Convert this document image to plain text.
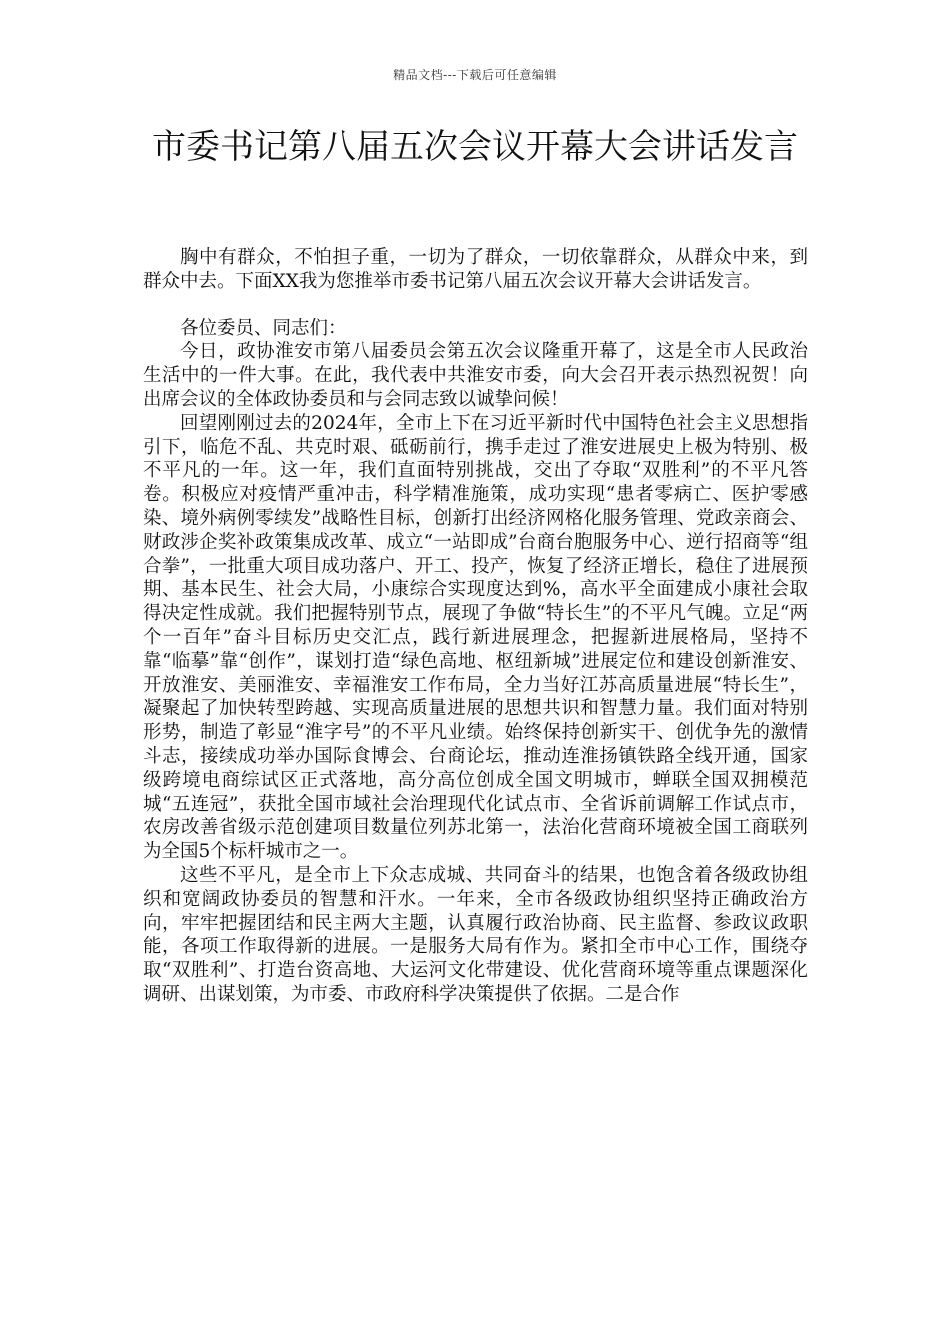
精品文档---下载后可任意编辑
市委书记第八届五次会议开幕大会讲话发言

胸中有群众，不怕担子重，一切为了群众，一切依靠群众，从群众中来，到群众中去。下面XX我为您推举市委书记第八届五次会议开幕大会讲话发言。

各位委员、同志们：

今日，政协淮安市第八届委员会第五次会议隆重开幕了，这是全市人民政治生活中的一件大事。在此，我代表中共淮安市委，向大会召开表示热烈祝贺！向出席会议的全体政协委员和与会同志致以诚挚问候！

回望刚刚过去的2024年，全市上下在习近平新时代中国特色社会主义思想指引下，临危不乱、共克时艰、砥砺前行，携手走过了淮安进展史上极为特别、极不平凡的一年。这一年，我们直面特别挑战，交出了夺取“双胜利”的不平凡答卷。积极应对疫情严重冲击，科学精准施策，成功实现“患者零病亡、医护零感染、境外病例零续发”战略性目标，创新打出经济网格化服务管理、党政亲商会、财政涉企奖补政策集成改革、成立“一站即成”台商台胞服务中心、逆行招商等“组合拳”，一批重大项目成功落户、开工、投产，恢复了经济正增长，稳住了进展预期、基本民生、社会大局，小康综合实现度达到%，高水平全面建成小康社会取得决定性成就。我们把握特别节点，展现了争做“特长生”的不平凡气魄。立足“两个一百年”奋斗目标历史交汇点，践行新进展理念，把握新进展格局，坚持不靠“临摹”靠“创作”，谋划打造“绿色高地、枢纽新城”进展定位和建设创新淮安、开放淮安、美丽淮安、幸福淮安工作布局，全力当好江苏高质量进展“特长生”，凝聚起了加快转型跨越、实现高质量进展的思想共识和智慧力量。我们面对特别形势，制造了彰显“淮字号”的不平凡业绩。始终保持创新实干、创优争先的激情斗志，接续成功举办国际食博会、台商论坛，推动连淮扬镇铁路全线开通，国家级跨境电商综试区正式落地，高分高位创成全国文明城市，蝉联全国双拥模范城“五连冠”，获批全国市域社会治理现代化试点市、全省诉前调解工作试点市，农房改善省级示范创建项目数量位列苏北第一，法治化营商环境被全国工商联列为全国5个标杆城市之一。

这些不平凡，是全市上下众志成城、共同奋斗的结果，也饱含着各级政协组织和宽阔政协委员的智慧和汗水。一年来，全市各级政协组织坚持正确政治方向，牢牢把握团结和民主两大主题，认真履行政治协商、民主监督、参政议政职能，各项工作取得新的进展。一是服务大局有作为。紧扣全市中心工作，围绕夺取“双胜利”、打造台资高地、大运河文化带建设、优化营商环境等重点课题深化调研、出谋划策，为市委、市政府科学决策提供了依据。二是合作
